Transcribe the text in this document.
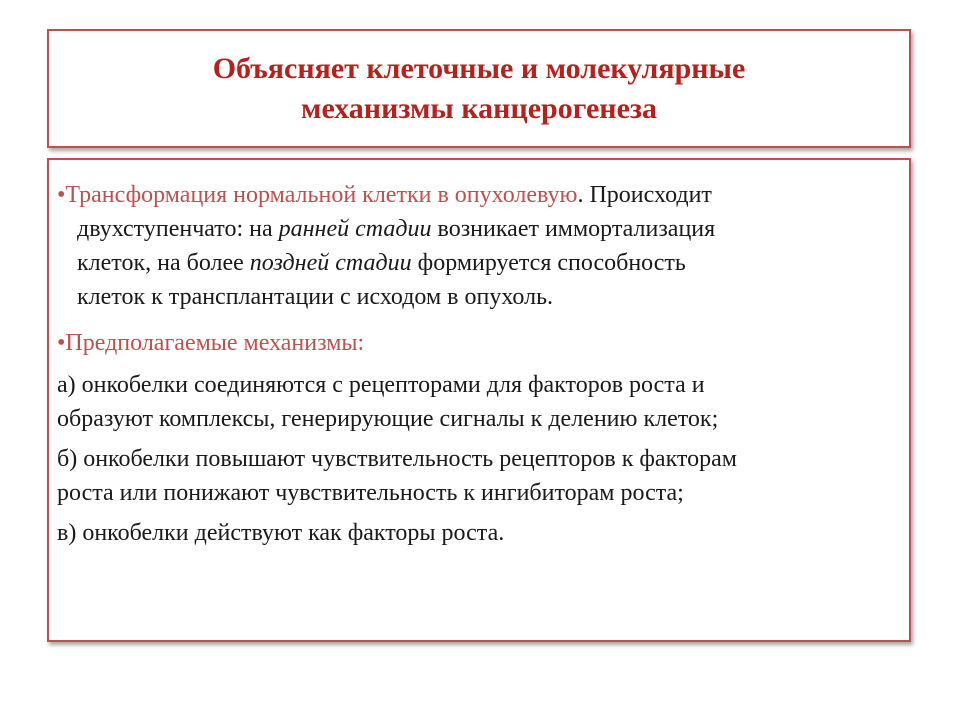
Объясняет клеточные и молекулярные
механизмы канцерогенеза
•Трансформация нормальной клетки в опухолевую. Происходит
двухступенчато: на ранней стадии возникает иммортализация
клеток, на более поздней стадии формируется способность
клеток к трансплантации с исходом в опухоль.
•Предполагаемые механизмы:
а) онкобелки соединяются с рецепторами для факторов роста и
образуют комплексы, генерирующие сигналы к делению клеток;
б) онкобелки повышают чувствительность рецепторов к факторам
роста или понижают чувствительность к ингибиторам роста;
в) онкобелки действуют как факторы роста.
